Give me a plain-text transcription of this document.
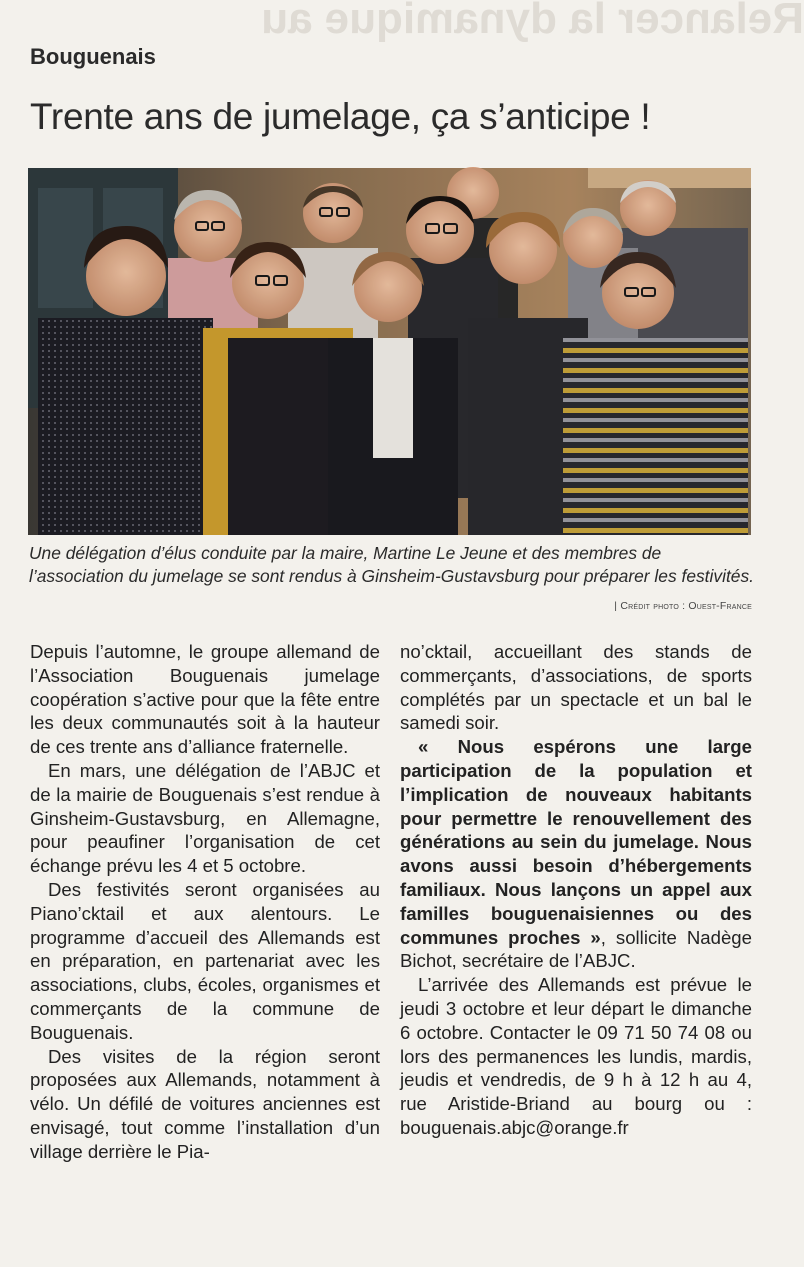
Relancer la dynamique au
Bouguenais
Trente ans de jumelage, ça s’anticipe !
Une délégation d’élus conduite par la maire, Martine Le Jeune et des membres de l’association du jumelage se sont rendus à Ginsheim-Gustavsburg pour préparer les festivités.
| Crédit photo : Ouest-France

Depuis l’automne, le groupe allemand de l’Association Bouguenais jumelage coopération s’active pour que la fête entre les deux communautés soit à la hauteur de ces trente ans d’alliance fraternelle.

En mars, une délégation de l’ABJC et de la mairie de Bouguenais s’est rendue à Ginsheim-Gustavsburg, en Allemagne, pour peaufiner l’organisation de cet échange prévu les 4 et 5 octobre.

Des festivités seront organisées au Piano’cktail et aux alentours. Le programme d’accueil des Allemands est en préparation, en partenariat avec les associations, clubs, écoles, organismes et commerçants de la commune de Bouguenais.

Des visites de la région seront proposées aux Allemands, notamment à vélo. Un défilé de voitures anciennes est envisagé, tout comme l’installation d’un village derrière le Pia-

no’cktail, accueillant des stands de commerçants, d’associations, de sports complétés par un spectacle et un bal le samedi soir.

« Nous espérons une large participation de la population et l’implication de nouveaux habitants pour permettre le renouvellement des générations au sein du jumelage. Nous avons aussi besoin d’hébergements familiaux. Nous lançons un appel aux familles bouguenaisiennes ou des communes proches », sollicite Nadège Bichot, secrétaire de l’ABJC.

L’arrivée des Allemands est prévue le jeudi 3 octobre et leur départ le dimanche 6 octobre. Contacter le 09 71 50 74 08 ou lors des permanences les lundis, mardis, jeudis et vendredis, de 9 h à 12 h au 4, rue Aristide-Briand au bourg ou : bouguenais.abjc@orange.fr
